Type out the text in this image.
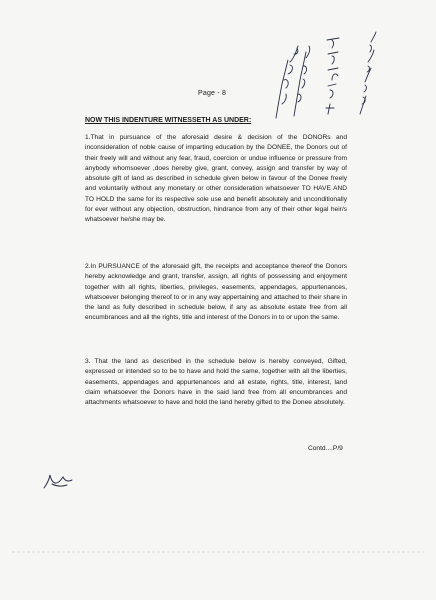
Page - 8
NOW THIS INDENTURE WITNESSETH AS UNDER:

1.That in pursuance of the aforesaid desire & decision of the DONORs and inconsideration of noble cause of imparting education by the DONEE, the Donors out of their freely will and without any fear, fraud, coercion or undue influence or pressure from anybody whomsoever ,does hereby give, grant, convey, assign and transfer by way of absolute gift of land as described in schedule given below in favour of the Donee freely and voluntarily without any monetary or other consideration whatsoever TO HAVE AND TO HOLD the same for its respective sole use and benefit absolutely and unconditionally for ever without any objection, obstruction, hindrance from any of their other legal heir/s whatsoever he/she may be.

2.In PURSUANCE of the aforesaid gift, the receipts and acceptance thereof the Donors hereby acknowledge and grant, transfer, assign, all rights of possessing and enjoyment together with all rights, liberties, privileges, easements, appendages, appurtenances, whatsoever belonging thereof to or in any way appertaining and attached to their share in the land as fully described in schedule below, if any as absolute estate free from all encumbrances and all the rights, title and interest of the Donors in to or upon the same.

3. That the land as described in the schedule below is hereby conveyed, Gifted, expressed or intended so to be to have and hold the same, together with all the liberties, easements, appendages and appurtenances and all estate, rights, title, interest, land claim whatsoever the Donors have in the said land free from all encumbrances and attachments whatsoever to have and hold the land hereby gifted to the Donee absolutely.

Contd....P/9
